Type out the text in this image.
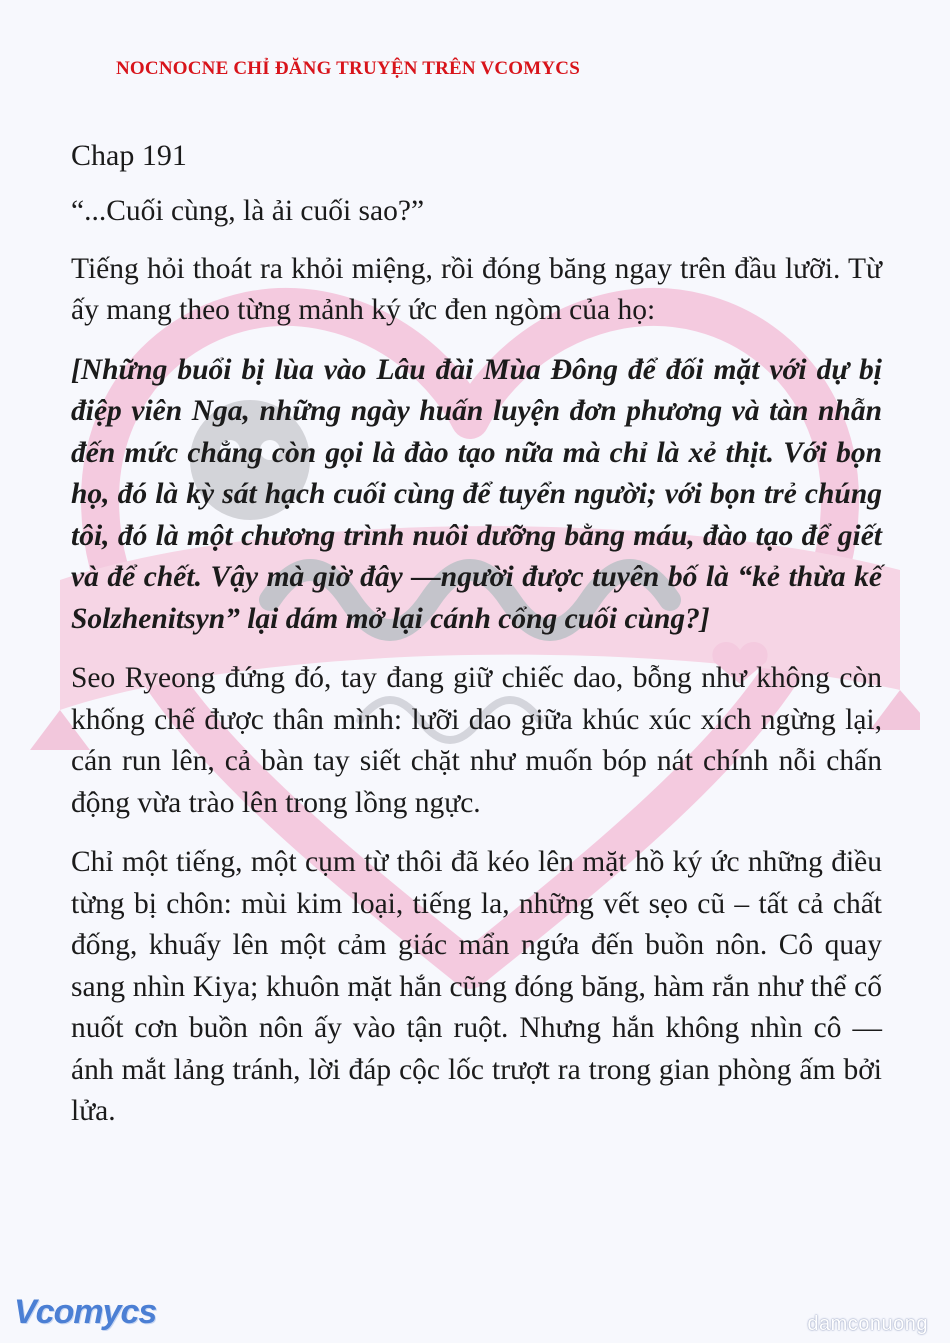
NOCNOCNE CHỈ ĐĂNG TRUYỆN TRÊN VCOMYCS
Chap 191

“...Cuối cùng, là ải cuối sao?”

Tiếng hỏi thoát ra khỏi miệng, rồi đóng băng ngay trên đầu lưỡi. Từ ấy mang theo từng mảnh ký ức đen ngòm của họ:

[Những buổi bị lùa vào Lâu đài Mùa Đông để đối mặt với dự bị điệp viên Nga, những ngày huấn luyện đơn phương và tàn nhẫn đến mức chẳng còn gọi là đào tạo nữa mà chỉ là xẻ thịt. Với bọn họ, đó là kỳ sát hạch cuối cùng để tuyển người; với bọn trẻ chúng tôi, đó là một chương trình nuôi dưỡng bằng máu, đào tạo để giết và để chết. Vậy mà giờ đây —người được tuyên bố là “kẻ thừa kế Solzhenitsyn” lại dám mở lại cánh cổng cuối cùng?]

Seo Ryeong đứng đó, tay đang giữ chiếc dao, bỗng như không còn khống chế được thân mình: lưỡi dao giữa khúc xúc xích ngừng lại, cán run lên, cả bàn tay siết chặt như muốn bóp nát chính nỗi chấn động vừa trào lên trong lồng ngực.

Chỉ một tiếng, một cụm từ thôi đã kéo lên mặt hồ ký ức những điều từng bị chôn: mùi kim loại, tiếng la, những vết sẹo cũ – tất cả chất đống, khuấy lên một cảm giác mẩn ngứa đến buồn nôn. Cô quay sang nhìn Kiya; khuôn mặt hắn cũng đóng băng, hàm rắn như thể cố nuốt cơn buồn nôn ấy vào tận ruột. Nhưng hắn không nhìn cô — ánh mắt lảng tránh, lời đáp cộc lốc trượt ra trong gian phòng ấm bởi lửa.

Vcomycs	damconuong
